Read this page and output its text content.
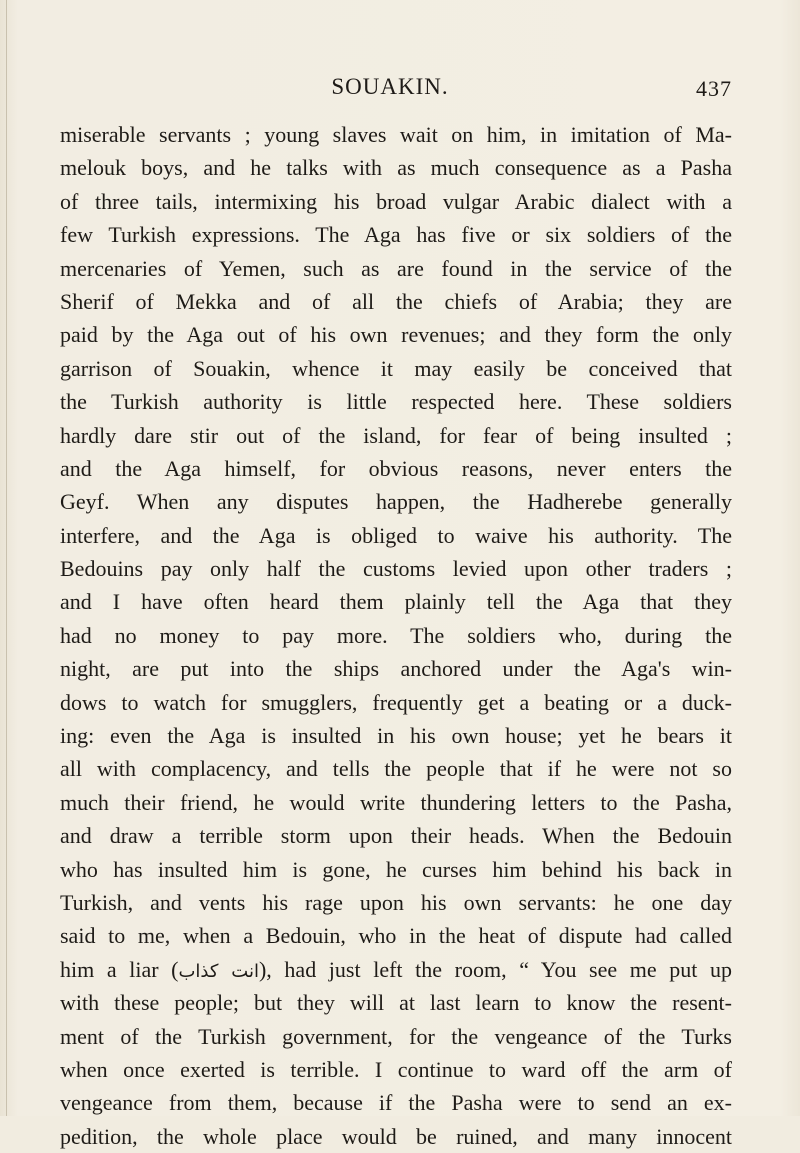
SOUAKIN.	437
miserable servants ; young slaves wait on him, in imitation of Ma-
melouk boys, and he talks with as much consequence as a Pasha
of three tails, intermixing his broad vulgar Arabic dialect with a
few Turkish expressions. The Aga has five or six soldiers of the
mercenaries of Yemen, such as are found in the service of the
Sherif of Mekka and of all the chiefs of Arabia; they are
paid by the Aga out of his own revenues; and they form the only
garrison of Souakin, whence it may easily be conceived that
the Turkish authority is little respected here. These soldiers
hardly dare stir out of the island, for fear of being insulted ;
and the Aga himself, for obvious reasons, never enters the
Geyf. When any disputes happen, the Hadherebe generally
interfere, and the Aga is obliged to waive his authority. The
Bedouins pay only half the customs levied upon other traders ;
and I have often heard them plainly tell the Aga that they
had no money to pay more. The soldiers who, during the
night, are put into the ships anchored under the Aga's win-
dows to watch for smugglers, frequently get a beating or a duck-
ing: even the Aga is insulted in his own house; yet he bears it
all with complacency, and tells the people that if he were not so
much their friend, he would write thundering letters to the Pasha,
and draw a terrible storm upon their heads. When the Bedouin
who has insulted him is gone, he curses him behind his back in
Turkish, and vents his rage upon his own servants: he one day
said to me, when a Bedouin, who in the heat of dispute had called
him a liar (انت كذاب), had just left the room, “ You see me put up
with these people; but they will at last learn to know the resent-
ment of the Turkish government, for the vengeance of the Turks
when once exerted is terrible. I continue to ward off the arm of
vengeance from them, because if the Pasha were to send an ex-
pedition, the whole place would be ruined, and many innocent
